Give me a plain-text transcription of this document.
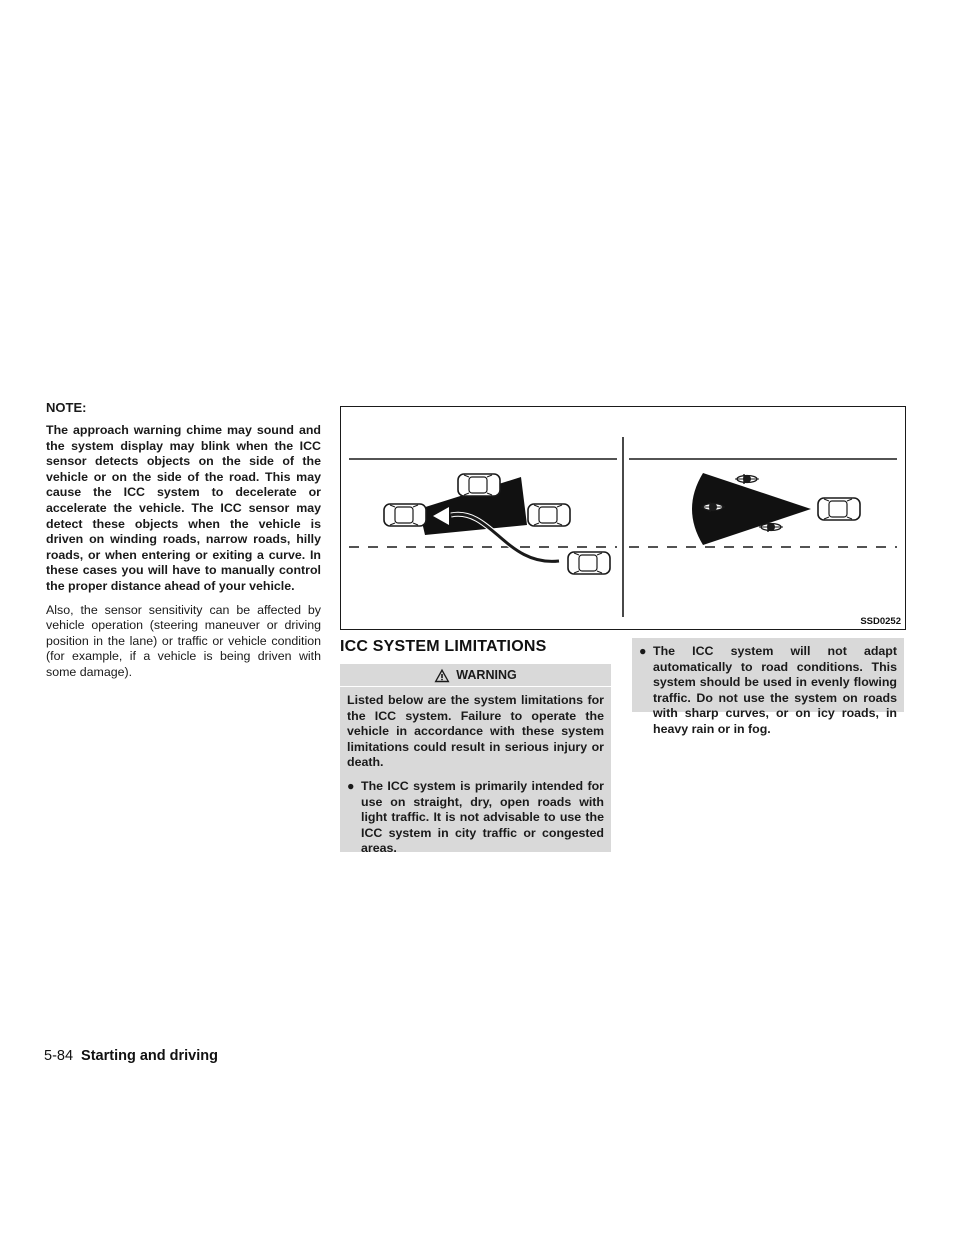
NOTE:

The approach warning chime may sound and the system display may blink when the ICC sensor detects objects on the side of the vehicle or on the side of the road. This may cause the ICC system to decelerate or accelerate the vehicle. The ICC sensor may detect these objects when the vehicle is driven on winding roads, narrow roads, hilly roads, or when entering or exiting a curve. In these cases you will have to manually control the proper distance ahead of your vehicle.

Also, the sensor sensitivity can be affected by vehicle operation (steering maneuver or driving position in the lane) or traffic or vehicle condition (for example, if a vehicle is being driven with some damage).

SSD0252
ICC SYSTEM LIMITATIONS
WARNING

Listed below are the system limitations for the ICC system. Failure to operate the vehicle in accordance with these system limitations could result in serious injury or death.

● The ICC system is primarily intended for use on straight, dry, open roads with light traffic. It is not advisable to use the ICC system in city traffic or congested areas.
● The ICC system will not adapt automatically to road conditions. This system should be used in evenly flowing traffic. Do not use the system on roads with sharp curves, or on icy roads, in heavy rain or in fog.
5-84 Starting and driving
